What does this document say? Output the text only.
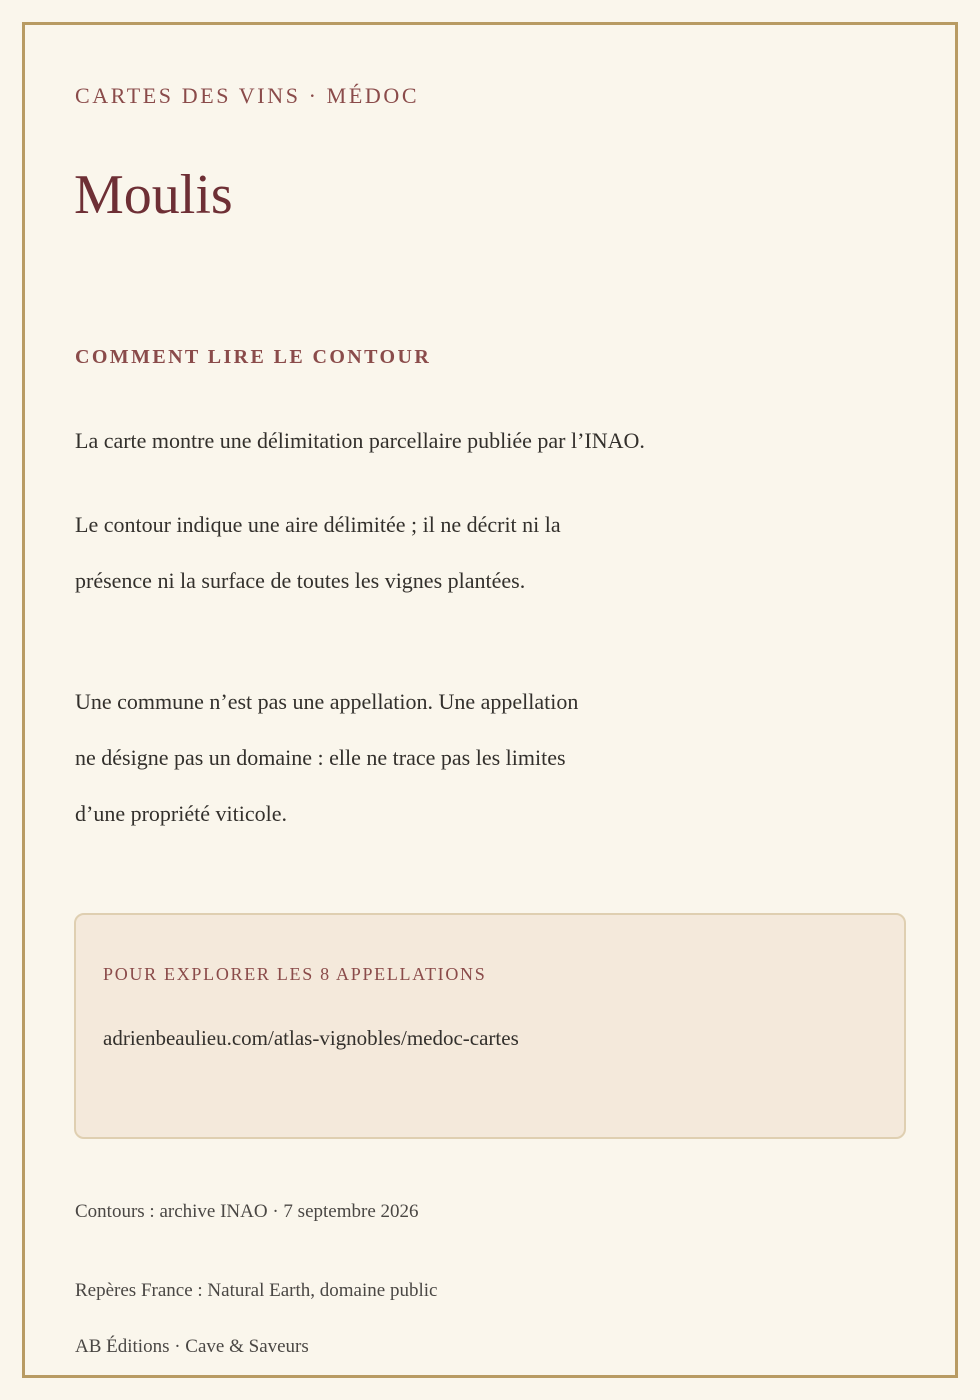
CARTES DES VINS · MÉDOC

Moulis
COMMENT LIRE LE CONTOUR

La carte montre une délimitation parcellaire publiée par l’INAO.

Le contour indique une aire délimitée ; il ne décrit ni la

présence ni la surface de toutes les vignes plantées.

Une commune n’est pas une appellation. Une appellation

ne désigne pas un domaine : elle ne trace pas les limites

d’une propriété viticole.

POUR EXPLORER LES 8 APPELLATIONS

adrienbeaulieu.com/atlas-vignobles/medoc-cartes

Contours : archive INAO · 7 septembre 2026

Repères France : Natural Earth, domaine public

AB Éditions · Cave & Saveurs
